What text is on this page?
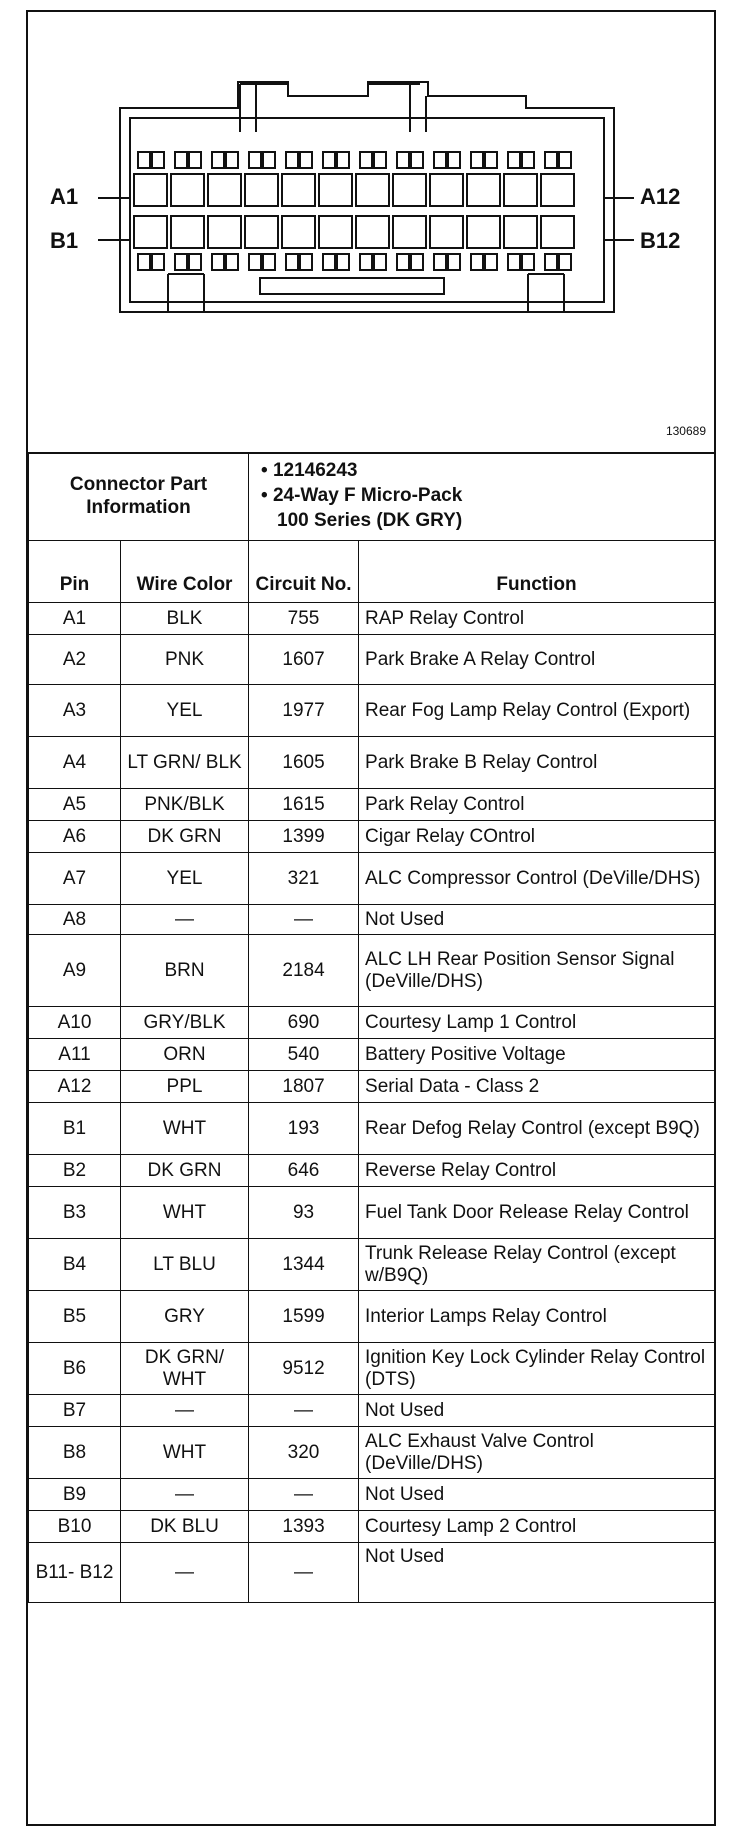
A1
B1
A12
B12
130689
Connector Part Information		• 12146243
• 24-Way F Micro-Pack
100 Series (DK GRY)	

Pin	Wire Color	Circuit No.	Function
A1	BLK	755	RAP Relay Control
A2	PNK	1607	Park Brake A Relay Control
A3	YEL	1977	Rear Fog Lamp Relay Control (Export)
A4	LT GRN/ BLK	1605	Park Brake B Relay Control
A5	PNK/BLK	1615	Park Relay Control
A6	DK GRN	1399	Cigar Relay COntrol
A7	YEL	321	ALC Compressor Control (DeVille/DHS)
A8	—	—	Not Used
A9	BRN	2184	ALC LH Rear Position Sensor Signal (DeVille/DHS)
A10	GRY/BLK	690	Courtesy Lamp 1 Control
A11	ORN	540	Battery Positive Voltage
A12	PPL	1807	Serial Data - Class 2
B1	WHT	193	Rear Defog Relay Control (except B9Q)
B2	DK GRN	646	Reverse Relay Control
B3	WHT	93	Fuel Tank Door Release Relay Control
B4	LT BLU	1344	Trunk Release Relay Control (except w/B9Q)
B5	GRY	1599	Interior Lamps Relay Control
B6	DK GRN/ WHT	9512	Ignition Key Lock Cylinder Relay Control (DTS)
B7	—	—	Not Used
B8	WHT	320	ALC Exhaust Valve Control (DeVille/DHS)
B9	—	—	Not Used
B10	DK BLU	1393	Courtesy Lamp 2 Control
B11- B12	—	—	Not Used
